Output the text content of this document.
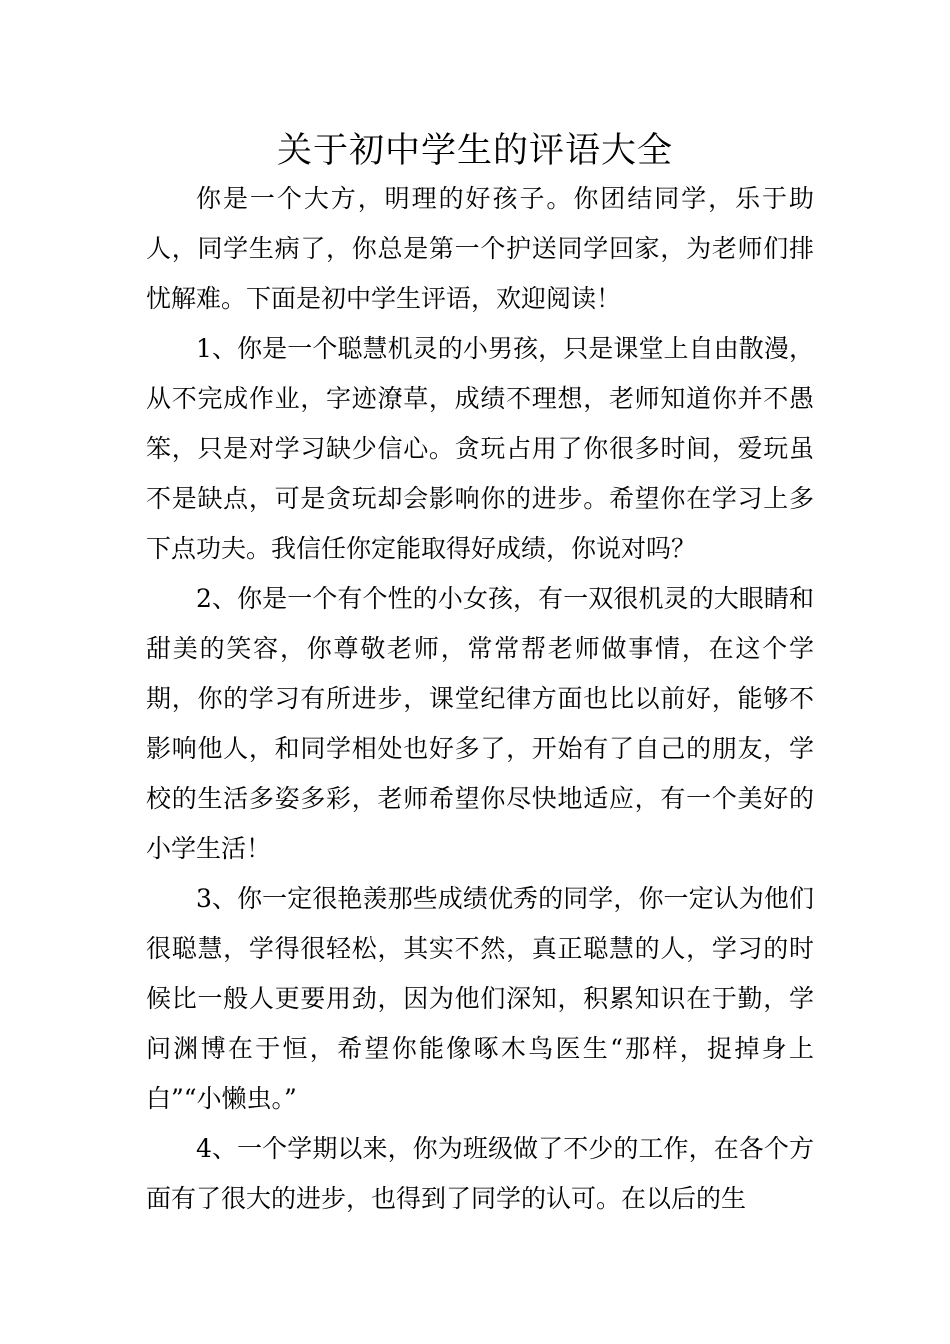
关于初中学生的评语大全

你是一个大方，明理的好孩子。你团结同学，乐于助人，同学生病了，你总是第一个护送同学回家，为老师们排忧解难。下面是初中学生评语，欢迎阅读！

1、你是一个聪慧机灵的小男孩，只是课堂上自由散漫，从不完成作业，字迹潦草，成绩不理想，老师知道你并不愚笨，只是对学习缺少信心。贪玩占用了你很多时间，爱玩虽不是缺点，可是贪玩却会影响你的进步。希望你在学习上多下点功夫。我信任你定能取得好成绩，你说对吗？

2、你是一个有个性的小女孩，有一双很机灵的大眼睛和甜美的笑容，你尊敬老师，常常帮老师做事情，在这个学期，你的学习有所进步，课堂纪律方面也比以前好，能够不影响他人，和同学相处也好多了，开始有了自己的朋友，学校的生活多姿多彩，老师希望你尽快地适应，有一个美好的小学生活！

3、你一定很艳羡那些成绩优秀的同学，你一定认为他们很聪慧，学得很轻松，其实不然，真正聪慧的人，学习的时候比一般人更要用劲，因为他们深知，积累知识在于勤，学问渊博在于恒，希望你能像啄木鸟医生“那样，捉掉身上白”“小懒虫。”

4、一个学期以来，你为班级做了不少的工作，在各个方面有了很大的进步，也得到了同学的认可。在以后的生
